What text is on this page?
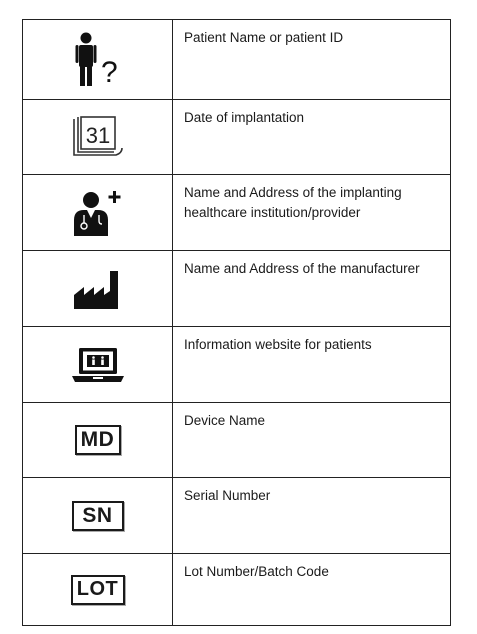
?
Patient Name or patient ID
31
Date of implantation
Name and Address of the implanting healthcare institution/provider
Name and Address of the manufacturer
Information website for patients
MD
Device Name
SN
Serial Number
LOT
Lot Number/Batch Code
